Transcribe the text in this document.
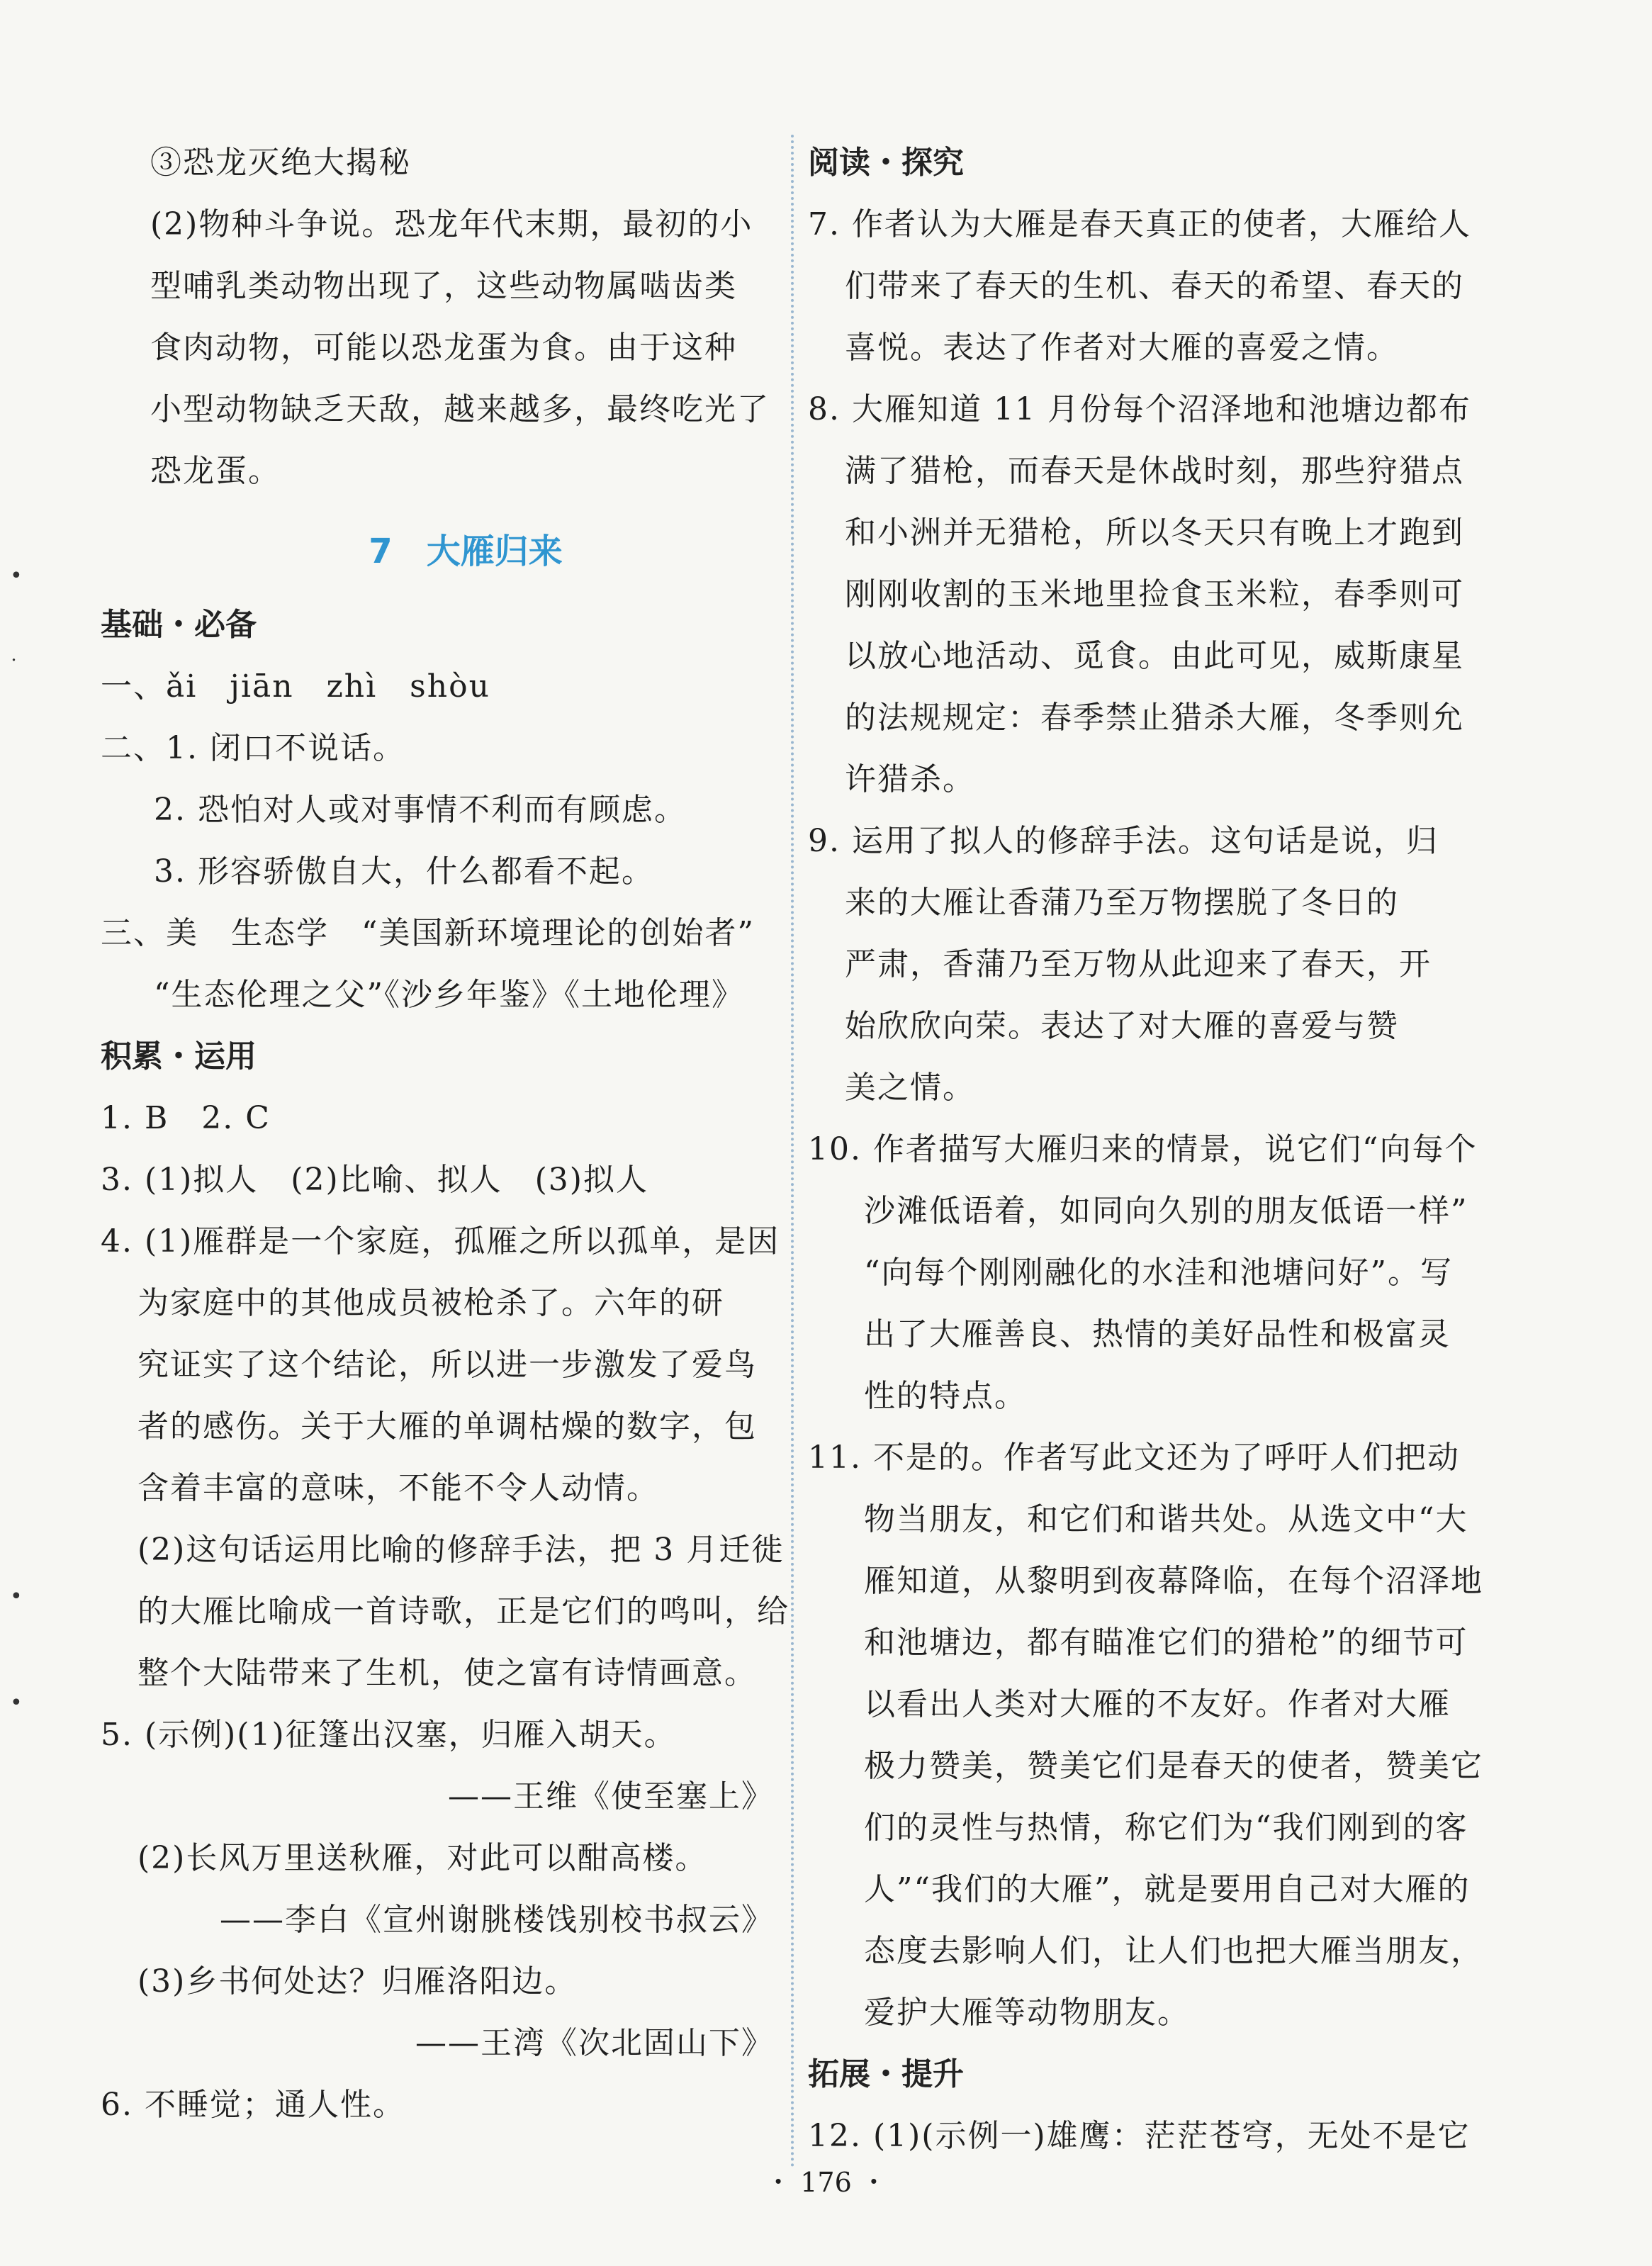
•
˙
•
•
③恐龙灭绝大揭秘
(2)物种斗争说。恐龙年代末期，最初的小
型哺乳类动物出现了，这些动物属啮齿类
食肉动物，可能以恐龙蛋为食。由于这种
小型动物缺乏天敌，越来越多，最终吃光了
恐龙蛋。
7　大雁归来
基础・必备
一、ǎi　jiān　zhì　shòu
二、1. 闭口不说话。
2. 恐怕对人或对事情不利而有顾虑。
3. 形容骄傲自大，什么都看不起。
三、美　生态学　“美国新环境理论的创始者”
“生态伦理之父”《沙乡年鉴》《土地伦理》
积累・运用
1. B　2. C
3. (1)拟人　(2)比喻、拟人　(3)拟人
4. (1)雁群是一个家庭，孤雁之所以孤单，是因
为家庭中的其他成员被枪杀了。六年的研
究证实了这个结论，所以进一步激发了爱鸟
者的感伤。关于大雁的单调枯燥的数字，包
含着丰富的意味，不能不令人动情。
(2)这句话运用比喻的修辞手法，把 3 月迁徙
的大雁比喻成一首诗歌，正是它们的鸣叫，给
整个大陆带来了生机，使之富有诗情画意。
5. (示例)(1)征篷出汉塞，归雁入胡天。
——王维《使至塞上》
(2)长风万里送秋雁，对此可以酣高楼。
——李白《宣州谢朓楼饯别校书叔云》
(3)乡书何处达？归雁洛阳边。
——王湾《次北固山下》
6. 不睡觉；通人性。
阅读・探究
7. 作者认为大雁是春天真正的使者，大雁给人
们带来了春天的生机、春天的希望、春天的
喜悦。表达了作者对大雁的喜爱之情。
8. 大雁知道 11 月份每个沼泽地和池塘边都布
满了猎枪，而春天是休战时刻，那些狩猎点
和小洲并无猎枪，所以冬天只有晚上才跑到
刚刚收割的玉米地里捡食玉米粒，春季则可
以放心地活动、觅食。由此可见，威斯康星
的法规规定：春季禁止猎杀大雁，冬季则允
许猎杀。
9. 运用了拟人的修辞手法。这句话是说，归
来的大雁让香蒲乃至万物摆脱了冬日的
严肃，香蒲乃至万物从此迎来了春天，开
始欣欣向荣。表达了对大雁的喜爱与赞
美之情。
10. 作者描写大雁归来的情景，说它们“向每个
沙滩低语着，如同向久别的朋友低语一样”
“向每个刚刚融化的水洼和池塘问好”。写
出了大雁善良、热情的美好品性和极富灵
性的特点。
11. 不是的。作者写此文还为了呼吁人们把动
物当朋友，和它们和谐共处。从选文中“大
雁知道，从黎明到夜幕降临，在每个沼泽地
和池塘边，都有瞄准它们的猎枪”的细节可
以看出人类对大雁的不友好。作者对大雁
极力赞美，赞美它们是春天的使者，赞美它
们的灵性与热情，称它们为“我们刚到的客
人”“我们的大雁”，就是要用自己对大雁的
态度去影响人们，让人们也把大雁当朋友，
爱护大雁等动物朋友。
拓展・提升
12. (1)(示例一)雄鹰：茫茫苍穹，无处不是它
・ 176 ・
